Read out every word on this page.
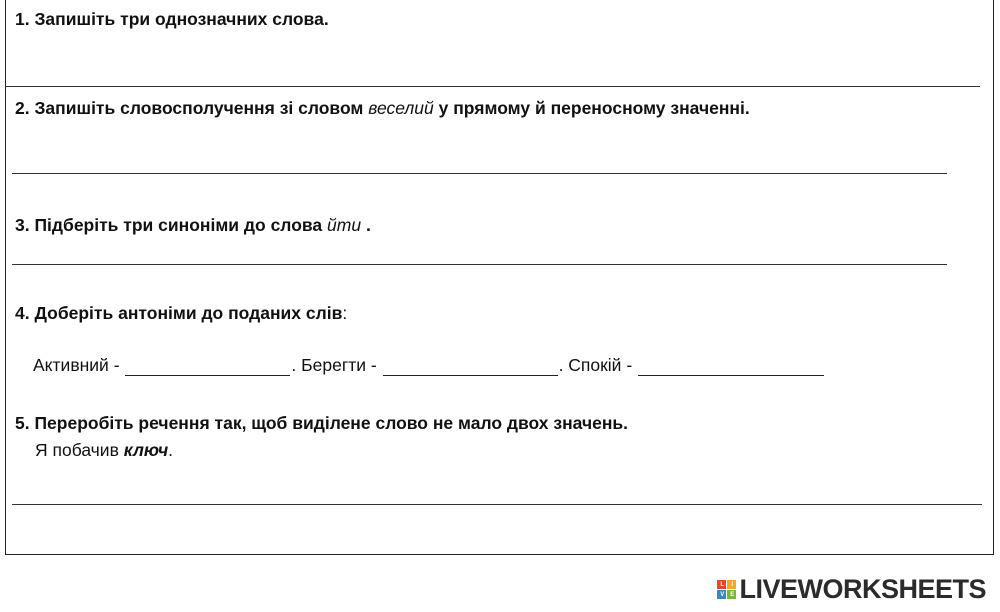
1. Запишіть три однозначних слова.
2. Запишіть словосполучення зі словом веселий у прямому й переносному значенні.
3. Підберіть три синоніми до слова йти .
4. Доберіть антоніми до поданих слів:
Активний -	. Берегти -	. Спокій -
5. Переробіть речення так, щоб виділене слово не мало двох значень.
Я побачив ключ.
L	I
V	E LIVEWORKSHEETS
